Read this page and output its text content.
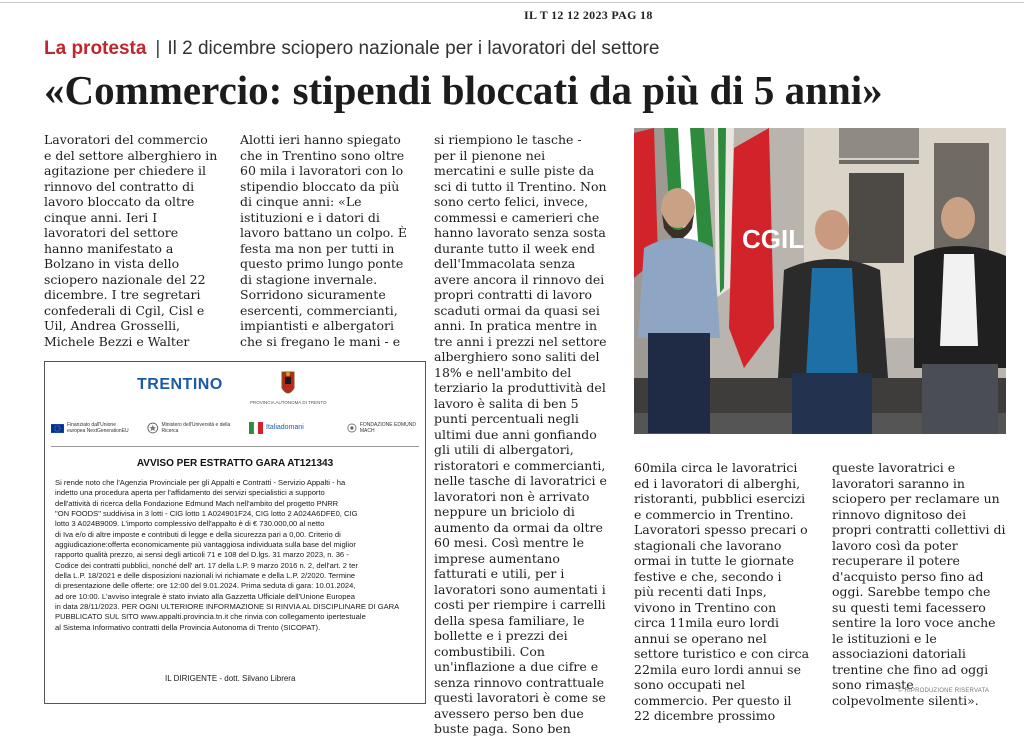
IL T 12 12 2023 PAG 18
La protesta | Il 2 dicembre sciopero nazionale per i lavoratori del settore
«Commercio: stipendi bloccati da più di 5 anni»
Lavoratori del commercio
e del settore alberghiero in
agitazione per chiedere il
rinnovo del contratto di
lavoro bloccato da oltre
cinque anni. Ieri I
lavoratori del settore
hanno manifestato a
Bolzano in vista dello
sciopero nazionale del 22
dicembre. I tre segretari
confederali di Cgil, Cisl e
Uil, Andrea Grosselli,
Michele Bezzi e Walter
Alotti ieri hanno spiegato
che in Trentino sono oltre
60 mila i lavoratori con lo
stipendio bloccato da più
di cinque anni: «Le
istituzioni e i datori di
lavoro battano un colpo. È
festa ma non per tutti in
questo primo lungo ponte
di stagione invernale.
Sorridono sicuramente
esercenti, commercianti,
impiantisti e albergatori
che si fregano le mani - e
si riempiono le tasche -
per il pienone nei
mercatini e sulle piste da
sci di tutto il Trentino. Non
sono certo felici, invece,
commessi e camerieri che
hanno lavorato senza sosta
durante tutto il week end
dell'Immacolata senza
avere ancora il rinnovo dei
propri contratti di lavoro
scaduti ormai da quasi sei
anni. In pratica mentre in
tre anni i prezzi nel settore
alberghiero sono saliti del
18% e nell'ambito del
terziario la produttività del
lavoro è salita di ben 5
punti percentuali negli
ultimi due anni gonfiando
gli utili di albergatori,
ristoratori e commercianti,
nelle tasche di lavoratrici e
lavoratori non è arrivato
neppure un briciolo di
aumento da ormai da oltre
60 mesi. Così mentre le
imprese aumentano
fatturati e utili, per i
lavoratori sono aumentati i
costi per riempire i carrelli
della spesa familiare, le
bollette e i prezzi dei
combustibili. Con
un'inflazione a due cifre e
senza rinnovo contrattuale
questi lavoratori è come se
avessero perso ben due
buste paga. Sono ben
60mila circa le lavoratrici
ed i lavoratori di alberghi,
ristoranti, pubblici esercizi
e commercio in Trentino.
Lavoratori spesso precari o
stagionali che lavorano
ormai in tutte le giornate
festive e che, secondo i
più recenti dati Inps,
vivono in Trentino con
circa 11mila euro lordi
annui se operano nel
settore turistico e con circa
22mila euro lordi annui se
sono occupati nel
commercio. Per questo il
22 dicembre prossimo
queste lavoratrici e
lavoratori saranno in
sciopero per reclamare un
rinnovo dignitoso dei
propri contratti collettivi di
lavoro così da poter
recuperare il potere
d'acquisto perso fino ad
oggi. Sarebbe tempo che
su questi temi facessero
sentire la loro voce anche
le istituzioni e le
associazioni datoriali
trentine che fino ad oggi
sono rimaste
colpevolmente silenti».
© RIPRODUZIONE RISERVATA
CGIL
TRENTINO
PROVINCIA AUTONOMA DI TRENTO
Finanziato dall'Unione europea NextGenerationEU
Ministero dell'Università e della Ricerca	Italiadomani	FONDAZIONE EDMUND MACH
AVVISO PER ESTRATTO GARA AT121343
Si rende noto che l'Agenzia Provinciale per gli Appalti e Contratti - Servizio Appalti - ha
indetto una procedura aperta per l'affidamento dei servizi specialistici a supporto
dell'attività di ricerca della Fondazione Edmund Mach nell'ambito del progetto PNRR
"ON FOODS" suddivisa in 3 lotti - CIG lotto 1 A024901F24, CIG lotto 2 A024A6DFE0, CIG
lotto 3 A024B9009. L'importo complessivo dell'appalto è di € 730.000,00 al netto
di Iva e/o di altre imposte e contributi di legge e della sicurezza pari a 0,00. Criterio di
aggiudicazione:offerta economicamente più vantaggiosa individuata sulla base del miglior
rapporto qualità prezzo, ai sensi degli articoli 71 e 108 del D.lgs. 31 marzo 2023, n. 36 -
Codice dei contratti pubblici, nonché dell' art. 17 della L.P. 9 marzo 2016 n. 2, dell'art. 2 ter
della L.P. 18/2021 e delle disposizioni nazionali ivi richiamate e della L.P. 2/2020. Termine
di presentazione delle offerte: ore 12:00 del 9.01.2024. Prima seduta di gara: 10.01.2024,
ad ore 10:00. L'avviso integrale è stato inviato alla Gazzetta Ufficiale dell'Unione Europea
in data 28/11/2023. PER OGNI ULTERIORE INFORMAZIONE SI RINVIA AL DISCIPLINARE DI GARA
PUBBLICATO SUL SITO www.appalti.provincia.tn.it che rinvia con collegamento ipertestuale
al Sistema Informativo contratti della Provincia Autonoma di Trento (SICOPAT).
IL DIRIGENTE - dott. Silvano Librera
